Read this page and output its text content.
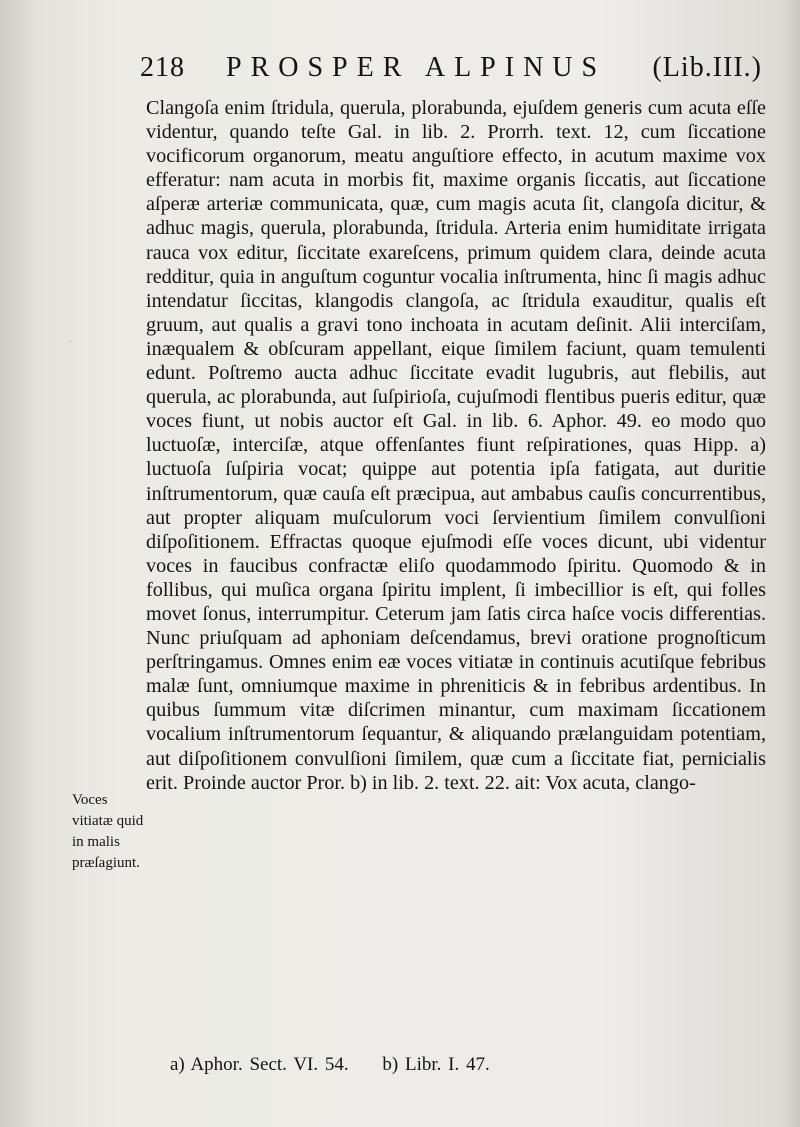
218 PROSPER ALPINUS (Lib.III.)
·

Clangoſa enim ſtridula, querula, plorabunda, ejuſdem generis cum acuta eſſe videntur, quando teſte Gal. in lib. 2. Prorrh. text. 12, cum ſiccatione vocificorum organorum, meatu anguſtiore effecto, in acutum maxime vox efferatur: nam acuta in morbis fit, maxime organis ſiccatis, aut ſiccatione aſperæ arteriæ communicata, quæ, cum magis acuta ſit, clangoſa dicitur, & adhuc magis, querula, plorabunda, ſtridula. Arteria enim humiditate irrigata rauca vox editur, ſiccitate exareſcens, primum quidem clara, deinde acuta redditur, quia in anguſtum coguntur vocalia inſtrumenta, hinc ſi magis adhuc intendatur ſiccitas, klangodis clangoſa, ac ſtridula exauditur, qualis eſt gruum, aut qualis a gravi tono inchoata in acutam deſinit. Alii interciſam, inæqualem & obſcuram appellant, eique ſimilem faciunt, quam temulenti edunt. Poſtremo aucta adhuc ſiccitate evadit lugubris, aut flebilis, aut querula, ac plorabunda, aut ſuſpirioſa, cujuſmodi flentibus pueris editur, quæ voces fiunt, ut nobis auctor eſt Gal. in lib. 6. Aphor. 49. eo modo quo luctuoſæ, interciſæ, atque offenſantes fiunt reſpirationes, quas Hipp. a) luctuoſa ſuſpiria vocat; quippe aut potentia ipſa fatigata, aut duritie inſtrumentorum, quæ cauſa eſt præcipua, aut ambabus cauſis concurrentibus, aut propter aliquam muſculorum voci ſervientium ſimilem convulſioni diſpoſitionem. Effractas quoque ejuſmodi eſſe voces dicunt, ubi videntur voces in faucibus confractæ eliſo quodammodo ſpiritu. Quomodo & in follibus, qui muſica organa ſpiritu implent, ſi imbecillior is eſt, qui folles movet ſonus, interrumpitur. Ceterum jam ſatis circa haſce vocis differentias. Nunc priuſquam ad aphoniam deſcendamus, brevi oratione prognoſticum perſtringamus. Omnes enim eæ voces vitiatæ in continuis acutiſque febribus malæ ſunt, omniumque maxime in phreniticis & in febribus ardentibus. In quibus ſummum vitæ diſcrimen minantur, cum maximam ſiccationem vocalium inſtrumentorum ſequantur, & aliquando prælanguidam potentiam, aut diſpoſitionem convulſioni ſimilem, quæ cum a ſiccitate fiat, pernicialis erit. Proinde auctor Pror. b) in lib. 2. text. 22. ait: Vox acuta, clango-

Voces vitiatæ quid in malis præſagiunt.
a) Aphor. Sect. VI. 54. b) Libr. I. 47.
